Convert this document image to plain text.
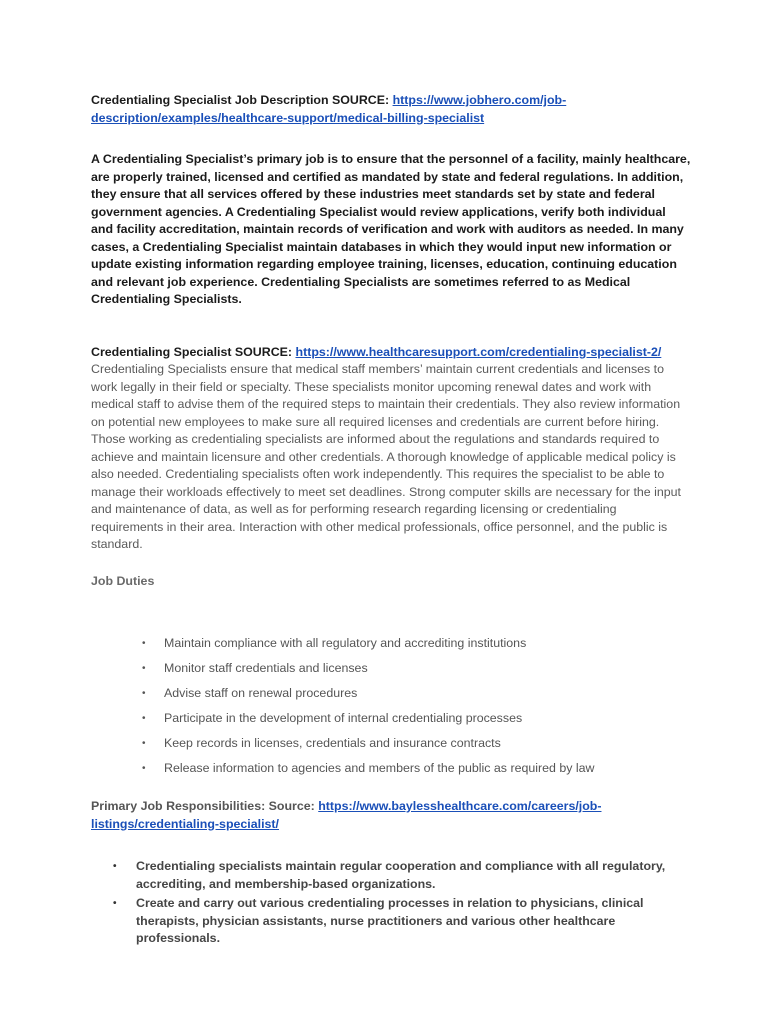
Credentialing Specialist Job Description SOURCE: https://www.jobhero.com/job-description/examples/healthcare-support/medical-billing-specialist

A Credentialing Specialist’s primary job is to ensure that the personnel of a facility, mainly healthcare, are properly trained, licensed and certified as mandated by state and federal regulations. In addition, they ensure that all services offered by these industries meet standards set by state and federal government agencies. A Credentialing Specialist would review applications, verify both individual and facility accreditation, maintain records of verification and work with auditors as needed. In many cases, a Credentialing Specialist maintain databases in which they would input new information or update existing information regarding employee training, licenses, education, continuing education and relevant job experience. Credentialing Specialists are sometimes referred to as Medical Credentialing Specialists.

Credentialing Specialist SOURCE: https://www.healthcaresupport.com/credentialing-specialist-2/

Credentialing Specialists ensure that medical staff members’ maintain current credentials and licenses to work legally in their field or specialty. These specialists monitor upcoming renewal dates and work with medical staff to advise them of the required steps to maintain their credentials. They also review information on potential new employees to make sure all required licenses and credentials are current before hiring. Those working as credentialing specialists are informed about the regulations and standards required to achieve and maintain licensure and other credentials. A thorough knowledge of applicable medical policy is also needed. Credentialing specialists often work independently. This requires the specialist to be able to manage their workloads effectively to meet set deadlines. Strong computer skills are necessary for the input and maintenance of data, as well as for performing research regarding licensing or credentialing requirements in their area. Interaction with other medical professionals, office personnel, and the public is standard.

Job Duties
• Maintain compliance with all regulatory and accrediting institutions
• Monitor staff credentials and licenses
• Advise staff on renewal procedures
• Participate in the development of internal credentialing processes
• Keep records in licenses, credentials and insurance contracts
• Release information to agencies and members of the public as required by law
Primary Job Responsibilities: Source: https://www.baylesshealthcare.com/careers/job-listings/credentialing-specialist/
• Credentialing specialists maintain regular cooperation and compliance with all regulatory, accrediting, and membership-based organizations.
• Create and carry out various credentialing processes in relation to physicians, clinical therapists, physician assistants, nurse practitioners and various other healthcare professionals.
